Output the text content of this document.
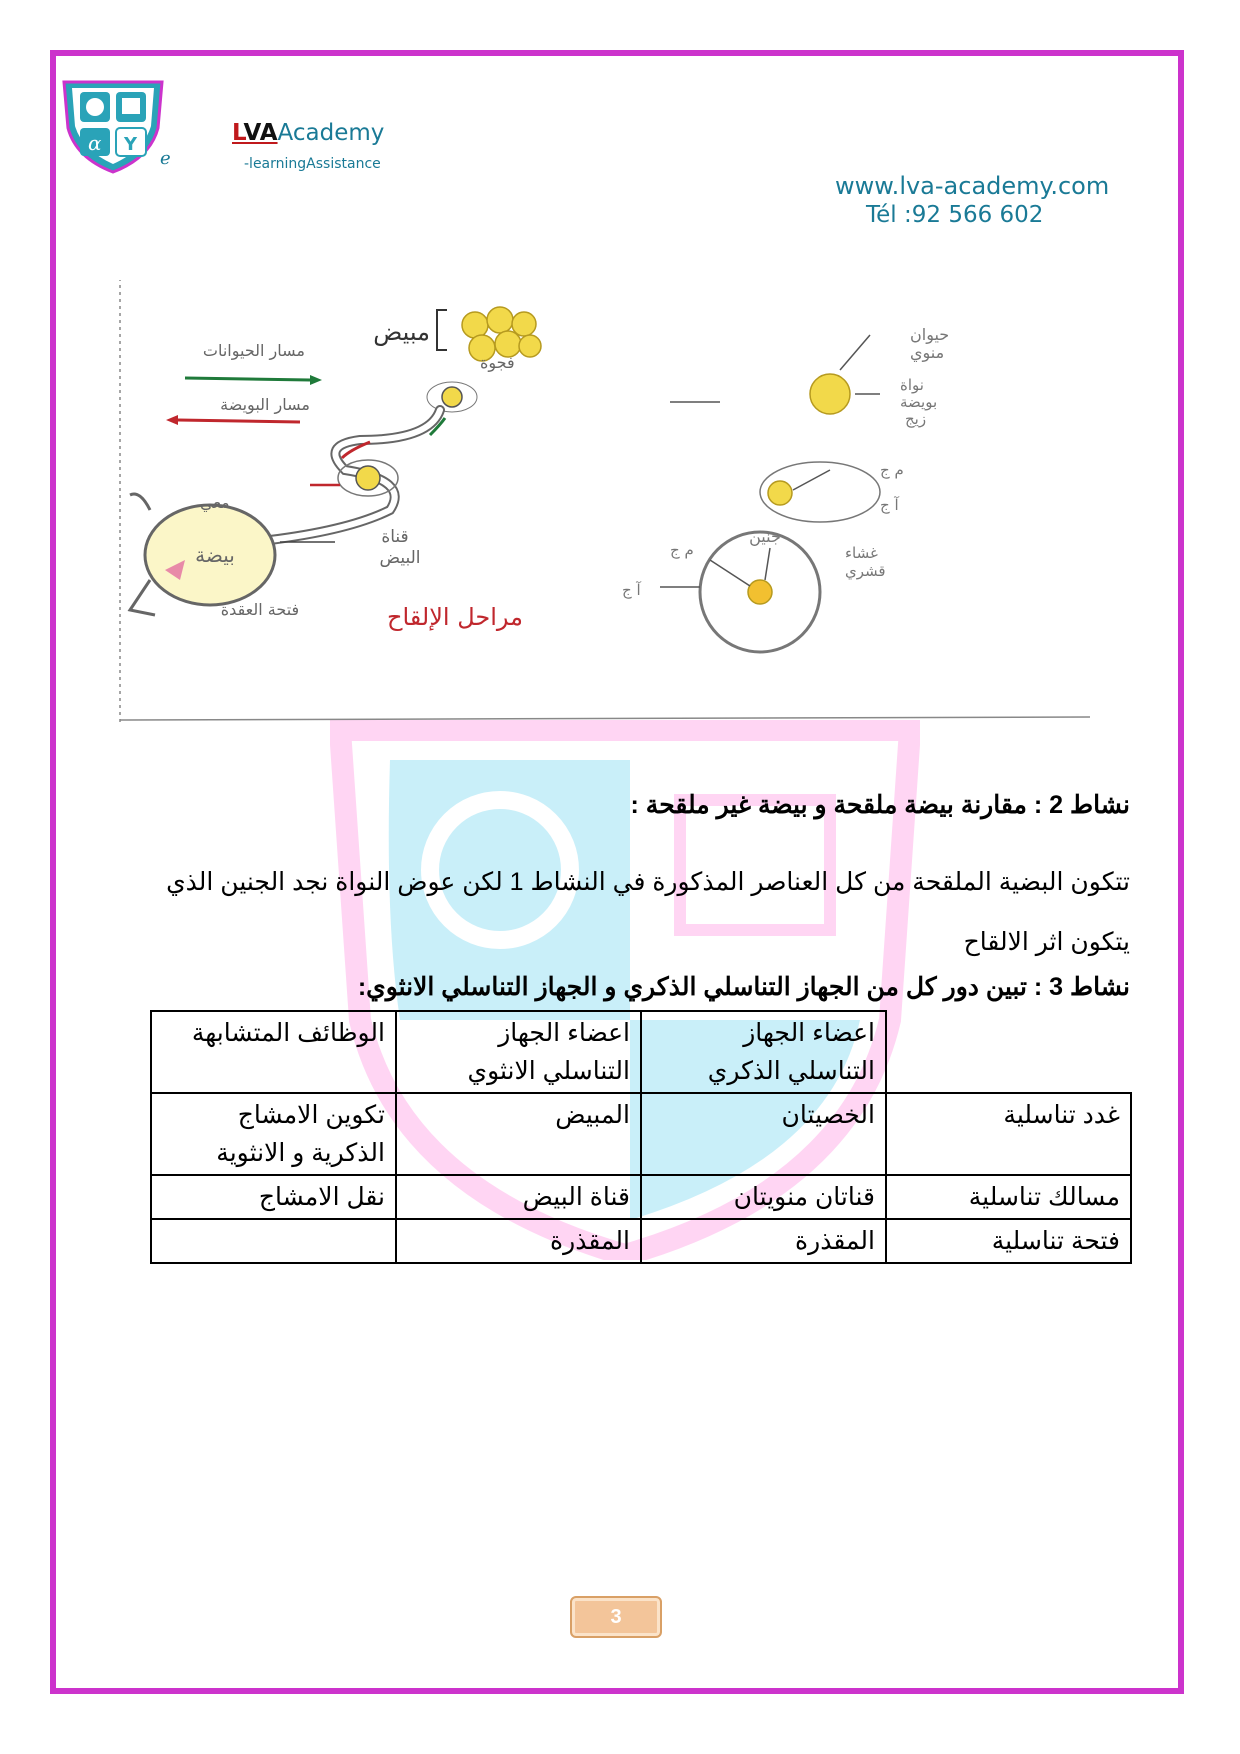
α Y
e
LVAAcademy
-learningAssistance
www.lva-academy.com
Tél :92 566 602
مبيض
مسار الحيوانات
مسار البويضة
فجوة
بيضة
معي
قناة
البيض
فتحة العقدة	مراحل الإلقاح
حيوان
منوي
نواة
بويضة
زيج
م ج
آ ج
جنين
م ج
آ ج
غشاء
قشري
نشاط 2 : مقارنة بيضة ملقحة و بيضة غير ملقحة :
تتكون البضية الملقحة من كل العناصر المذكورة في النشاط 1 لكن عوض النواة نجد الجنين الذي يتكون اثر الالقاح
نشاط 3 : تبين دور كل من الجهاز التناسلي الذكري و الجهاز التناسلي الانثوي:
	اعضاء الجهاز التناسلي الذكري	اعضاء الجهاز التناسلي الانثوي	الوظائف المتشابهة
غدد تناسلية	الخصيتان	المبيض	تكوين الامشاج الذكرية و الانثوية
مسالك تناسلية	قناتان منويتان	قناة البيض	نقل الامشاج
فتحة تناسلية	المقذرة	المقذرة	
3
